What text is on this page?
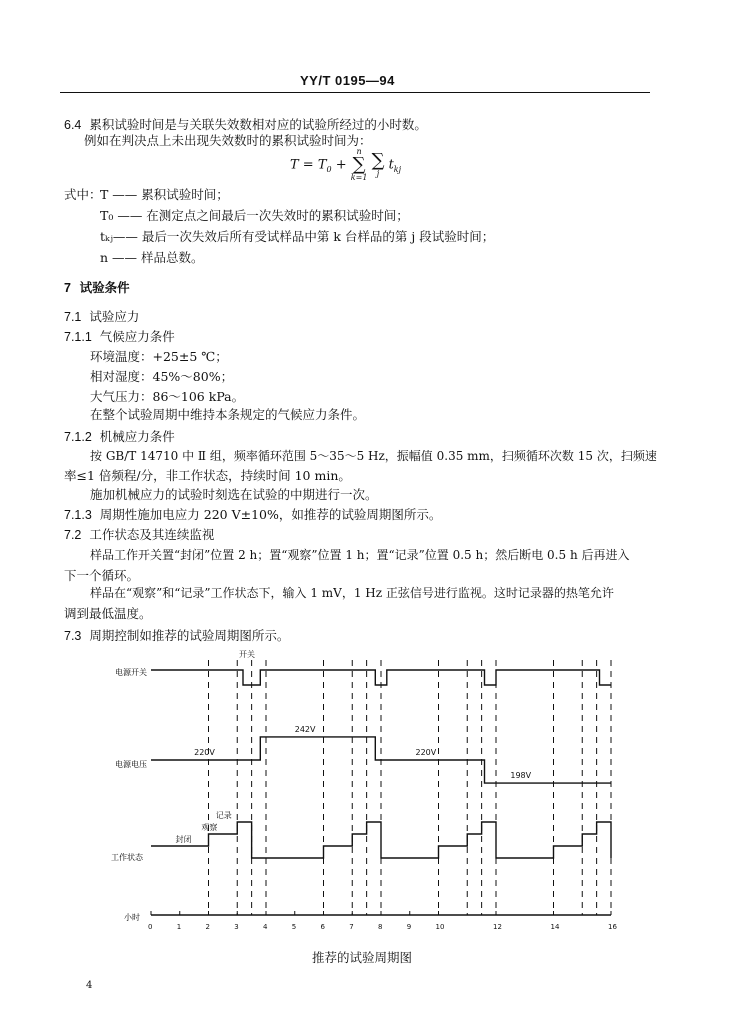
YY/T 0195—94
6.4 累积试验时间是与关联失效数相对应的试验所经过的小时数。
例如在判决点上未出现失效数时的累积试验时间为：
$T = T_0$ +
n
∑
k=1
∑
j
$t_{kj}$
式中：
T —— 累积试验时间；
T₀ —— 在测定点之间最后一次失效时的累积试验时间；
tₖⱼ—— 最后一次失效后所有受试样品中第 k 台样品的第 j 段试验时间；
n —— 样品总数。
7 试验条件
7.1 试验应力
7.1.1 气候应力条件
环境温度：+25±5 ℃；
相对湿度：45%～80%；
大气压力：86～106 kPa。
在整个试验周期中维持本条规定的气候应力条件。
7.1.2 机械应力条件
按 GB/T 14710 中 Ⅱ 组，频率循环范围 5～35～5 Hz，振幅值 0.35 mm，扫频循环次数 15 次，扫频速
率≤1 倍频程/分，非工作状态，持续时间 10 min。
施加机械应力的试验时刻选在试验的中期进行一次。
7.1.3 周期性施加电应力 220 V±10%，如推荐的试验周期图所示。
7.2 工作状态及其连续监视
样品工作开关置“封闭”位置 2 h；置“观察”位置 1 h；置“记录”位置 0.5 h；然后断电 0.5 h 后再进入
下一个循环。
样品在“观察”和“记录”工作状态下，输入 1 mV，1 Hz 正弦信号进行监视。这时记录器的热笔允许
调到最低温度。
7.3 周期控制如推荐的试验周期图所示。
电源开关
电源电压
工作状态
小时
开关
220V
242V
220V
198V
封闭
观察
记录
0	1	2	3	4	5	6	7	8	9	10	12	14	16
推荐的试验周期图
4
